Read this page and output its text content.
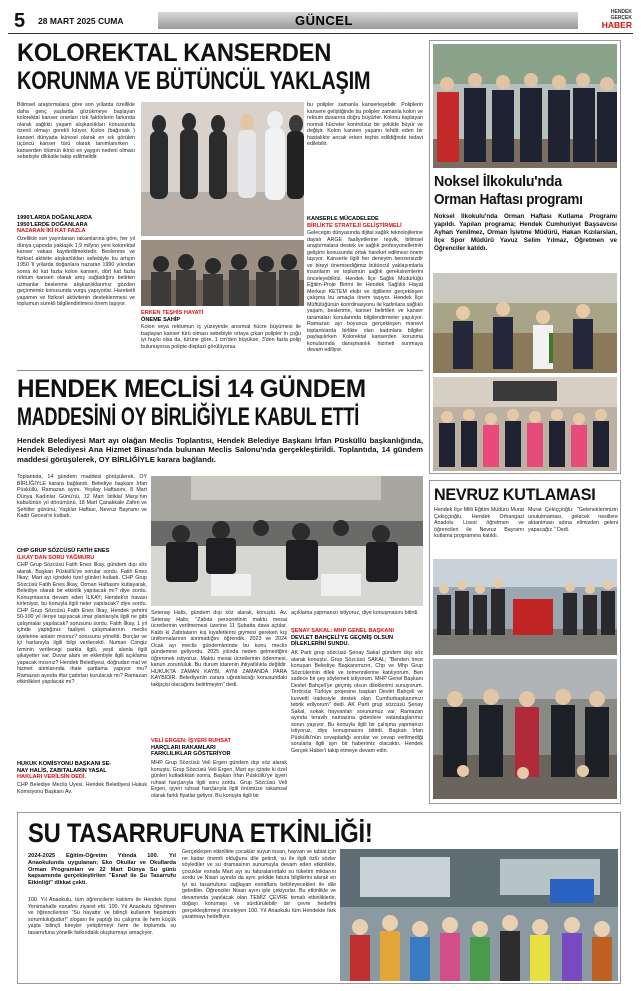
5 28 MART 2025 CUMA	GÜNCEL
HENDEK
GERÇEK
HABER
KOLOREKTAL KANSERDEN
KORUNMA VE BÜTÜNCÜL YAKLAŞIM
Bilimsel araştırmalara göre son yıllarda özellikle daha genç yaşlarda gözükmeye başlayan kolorektal kanser oranları risk faktörlerin farkında olarak sağlıklı yaşam alışkanlıkları konusunda özenli olmayı gerekli kılıyor. Kolon (bağırsak ) kanseri dünyada küresel olarak en sık görülen üçüncü kanser türü olarak tanımlanırken , kanserden ölümün ikinci en yaygın nedeni olması sebebiyle dikkatle takip edilmelidir.
1990'LARDA DOĞANLARDA
1950'LERDE DOĞANLARA
NAZARAN İKİ KAT FAZLA
Özellikle son yayınlanan rakamlarına göre, her yıl dünya çapında yaklaşık 1,9 milyon yeni kolorektal kanser vakası kaydedilmektedir. Beslenme ve fiziksel aktivite alışkanlıkları sebebiyle bu artışın 1950 'li yıllarda doğanlara nazaran 1990 yılından sonra iki kat fazla kolon kanseri, dört kat fazla rektum kanseri olarak artış sağladığını belirten uzmanlar beslenme alışkanlıklarımız gözden geçirmemiz konusunda vurgu yapıyorlar. Hareketli yaşamın ve fiziksel aktivitenin desteklenmesi ve toplumun sürekli bilgilendirilmesi önem taşıyor.
ERKEN TEŞHİS HAYATİ
ÖNEME SAHİP
Kolon veya rektumun iç yüzeyinde anormal hücre büyümesi ile başlayan kanser türü olması sebebiyle ortaya çıkan polipler in çoğu iyi huylu olsa da, türüne göre, 1 cm'den büyükse, 3'den fazla polip bulunuyorsa polipte displazi görülüyorsa
bu polipler zamanla kanserleşebilir. Poliplerin kansere geliştiğinde bu polipler zamanla kolon ve rektum duvarına doğru büyürler. Kolonu kaplayan normal hücreler kontrolsüz bir şekilde büyür ve değişir. Kolon kanseri yaşamı tehdit eden bir hastalıktır ancak erken teşhis edildiğinde tedavi edilebilir.
KANSERLE MÜCADELEDE
BİRLİKTE STRATEJİ GELİŞTİRMELİ
Gelecegin dünyasında dijital sağlık teknolojilerine dayalı ARGE faaliyetlerine teşvik, bilimsel araştırmalara destek ve sağlık profesyonellerinin gelişimi konusunda ortak hareket edilmesi önem taşıyor. Kanserle ilgili her deneyim benzersizdir ve bireyi önemsediğimiz bütüncül yaklaşımlarla insanların ve toplumun sağlık gereksinimlerini önceleyebiliriz. Hendek İlçe Sağlık Müdürlüğü Eğitim-Proje Birimi ile Hendek Sağlıklı Hayat Merkezi KETEM ekibi ve ilgililerin gerçekleşen çalışma bu amaçla önem taşıyor. Hendek İlçe Müftülüğünün koordinasyonu ile kadınlara sağlıklı yaşam, beslenme, kanser belirtileri ve kanser taramaları konularında bilgilendirmeler yapılıyor. Ramazan ayı boyunca gerçekleşen manevi toplantılarda birlikte olan kadınlara bilgiler paylaşılırken Kolorektal kanserden korunma konularında danışmanlık hizmeti sunmaya devam ediliyor.
HENDEK MECLİSİ 14 GÜNDEM
MADDESİNİ OY BİRLİĞİYLE KABUL ETTİ
Hendek Belediyesi Mart ayı olağan Meclis Toplantısı, Hendek Belediye Başkanı İrfan Püsküllü başkanlığında, Hendek Belediyesi Ana Hizmet Binası'nda bulunan Meclis Salonu'nda gerçekleştirildi. Toplantıda, 14 gündem maddesi görüşülerek, OY BİRLİĞİYLE karara bağlandı.
Toplantıda, 14 gündem maddesi görüşülerek, OY BİRLİĞİYLE karara bağlandı. Belediye başkanı İrfan Püsküllü, Ramazan ayını, Yeşilay Haftasını, 8 Mart Dünya Kadınlar Günü'nü, 12 Mart İstiklal Marşı'nın kabulünün yıl dönümünü, 18 Mart Çanakkale Zaferi ve Şehitler gününü, Yaşlılar Haftası, Nevruz Bayramı ve Kadir Gecesi'ni kutladı.
CHP GRUP SÖZCÜSÜ FATİH ENES
İLKAY'DAN SORU YAĞMURU
CHP Grup Sözcüsü Fatih Enes İlkay, gündem dışı söz alarak, Başkan Püsküllü'ye sorular sordu. Fatih Enes İlkay; Mart ayı içindeki özel günleri kutladı. CHP Grup Sözcüsü Fatih Enes İlkay, Orman Haftasını kutlayarak, Belediye olarak bir etkinlik yapılacak mı? diye sordu. Konuşmasına devam eden İLKAY; Hendek'in havası kirleniyor, bu konuyla ilgili neler yapılacak? diye sordu. CHP Grup Sözcüsü Fatih Enes İlkay, Hendek şehrini 50-100 yıl ileriye taşıyacak imar planlarıyla ilgili ne gibi çalışmalar yapılacak? sorusunu sordu. Fatih İlkay, 1 yıl içinde yaptığınız faaliyet çalışmalarının meclis üyelerine anlatır mısınız? sorusunu yöneltti. Borçlar ve içi harlanıyla ilgili bilgi verilecekti. Numan Congiz Izminin verilecegi parkla ilgili, yeşil alanla ilgili şikayetler var. Duvar alanı ve eklentiyle ilgili açıklama yapacak mısınız? Hendek Belediyesi, doğrudan mal ve hizmet alımlarında ihale şartlama yapıyor mu? Ramazan ayında iftar çadırları kurulacak mı? Ramazan etkinlikleri yapılacak mı?
HUKUK KOMİSYONU BAŞKANI SE-
NAY HALİS, ZABITALARIN YASAL
HAKLARI VERİLSİN DEDİ.
CHP Belediye Meclis Üyesi, Hendek Belediyesi Hukuk Komisyonu Başkanı Av.
Setenay Halis, gündem dışı söz alarak, konuştu. Av. Setenay Halis; "Zabıta personelinin maktu mesai ücretlerinin verilmemesi üzerine 11 Şubatta dava açtılar. Kaldı ki Zabıtaların kış kıyafetlerini giymesi gereken kış üniformalarının alınmadığını öğrendik. 2023 ve 2024 Ocak ayı meclis gündemlerinde bu konu meclis gündemine geliyordu. 2025 yılında neden gelmediğini öğrenmek istiyoruz. Maktu mesai ücretlerinin ödenmesi, kanun zorunluluk. Bu durum idarenin ihtiyatlılıkta değildir. HUKUKTA ZAMAN KAYBI, AYNI ZAMANDA PARA KAYBIDIR. Belediyenin zarara uğratılacağı konusundaki takipçisi olacağımı belirtmeyim" dedi.
VELİ ERGEN: İŞYERİ RUHSAT
HARÇLARI RAKAMLARI
FARKLILIKLAR GÖSTERİYOR
MHP Grup Sözcüsü Veli Ergen gündem dışı söz alarak konuştu. Grup Sözcüsü Veli Ergen, Mart ayı içinde ki özel günleri kutladıktan sonra, Başkan İrfan Püsküllü'ye işyeri ruhsat harçlarıyla ilgili soru sordu. Grup Sözcüsü Veli Ergen, işyeri ruhsat harçlarıyla ilgili önümüze rakamsal olarak farklı fiyatlar geliyor. Bu konuyla ilgili bir
açıklama yapmanızı istiyoruz, diye konuşmasını bitirdi.
ŞENAY SAKAL: MHP GENEL BAŞKANI
DEVLET BAHÇELİ'YE GEÇMİŞ OLSUN
DİLEKLERİNİ SUNDU.
AK Parti grup sözcüsü Şenay Sakal gündem dışı söz alarak konuştu. Grup Sözcüsü SAKAL; "Benden önce konuşan Belediye Başkanımızın, Chp ve Mhp Grup Sözcülerinin dilek ve temennilerine katılıyorum. Ben sadece bir şey söylemek istiyorum. MHP Genel Başkanı Devlet Bahçeli'ye geçmiş olsun dileklerimi sunuyorum. Terörsüz Türkiye projesine başkan Devlet Bahçeli ve kuvvetli iradesiyle destek olan Cumhurbaşkanımızı tebrik ediyorum" dedi. AK Parti grup sözcüsü Şenay Sakal, sokak hayvanları sorunumuz var. Ramazan ayında teravih namazına gidenlere vatandaşlarımız sorun yaşıyor. Bu konuyla ilgili bir çalışma yapmanızı istiyoruz, diye konuşmasını bitirdi. Başkan İrfan Püsküllü'nün cevapladığı sorular ve cevap verilmediği sorularla ilgili ayrı bir haberimiz olacaktır. Hendek Gerçek Haber'i takip etmeye devam edin.
SU TASARRUFUNA ETKİNLİĞİ!
2024-2025 Eğitim-Öğretim Yılında 100. Yıl Anaokulunda uygulanan; Eko Okullar ve Okullarda Orman Programları ve 22 Mart Dünya Su günü kapsamında gerçekleştirilen "Esnaf ile Su Tasarrufu Etkinliği" dikkat çekti.
100. Yıl Anaokulu, tüm öğrencilerin katılımı ile Hendek ilçesi Yenimahalle esnafını ziyaret etti. 100. Yıl Anaokulu öğretmen ve öğrencilerinin "Su hayattır ve bilinçli kullanım hepimizin sorumluluğudur!" sloganı ile yaptığı bu çalışma ile hem küçük yaşta bilinçli bireyler yetiştirmeyi hem de toplumda su tasarrufuna yönelik farkındalık oluşturmayı amaçlıyor.
Gerçekleşen etkinlikte çocuklar suyun insan, hayvan ve tabiat için ne kadar önemli olduğunu dile getirdi, su ile ilgili özlü sözler söylediler ve su dramasının sunumuyla devam eden etkinlikte, çocuklar esnafa Mart ayı su faturalarındaki su tüketim miktarını sordu ve Nisan ayında da aynı şekilde fatura bilgilerini alarak en iyi su tasarrufunu sağlayan esnaflara belirleyecekleri ile dile getirdiler. Öğrenciler Nisan ayını iple çekiyorlar. Bu etkinlikle ve devamında yapılacak olan TEMİZ ÇEVRE temalı etkinliklerle, doğayı korumayı ve sürdürülebilir bir çevre hedefini gerçekleştirmeyi önceleyen 100. Yıl Anaokulu tüm Hendekte fark yaratmayı hedefliyor.
Noksel İlkokulu'nda
Orman Haftası programı
Noksel İlkokulu'nda Orman Haftası Kutlama Programı yapıldı. Yapılan programa; Hendek Cumhuriyet Başsavcısı Ayhan Yenilmez, Orman İşletme Müdürü, Hakan Kızılarslan, İlçe Spor Müdürü Yavuz Selim Yılmaz, Öğretmen ve Öğrenciler katıldı.
NEVRUZ KUTLAMASI
Hendek İlçe Milli Eğitim Müdürü Murat Çekiççioğlu, Hendek Orhangazi Anadolu Lisesi öğretmen ve öğrencileri ile Nevruz Bayramı kutlama programına katıldı.
Murat Çekiççioğlu: "Geleneklerimizin unutulmaması, gelecek nesillere aktarılması adına elimizden geleni yapacağız." Dedi.
